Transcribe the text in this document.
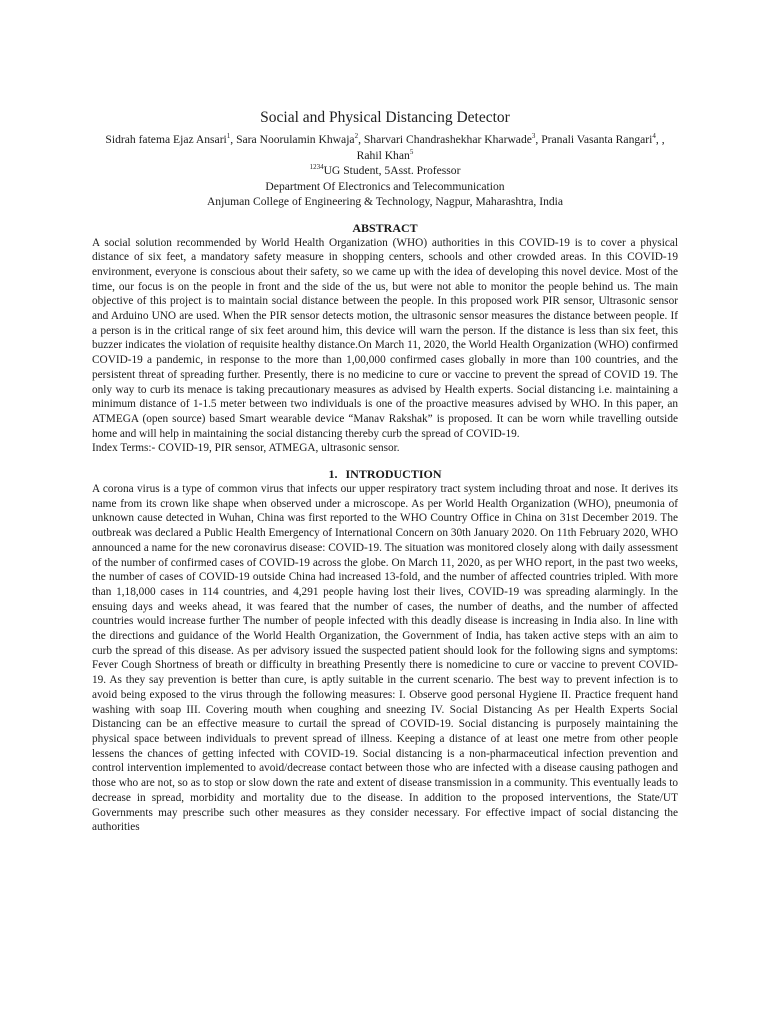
Social and Physical Distancing Detector

Sidrah fatema Ejaz Ansari$^1$, Sara Noorulamin Khwaja$^2$, Sharvari Chandrashekhar Kharwade$^3$, Pranali Vasanta Rangari$^4$, , Rahil Khan$^5$

$^{1234}$UG Student, 5Asst. Professor

Department Of Electronics and Telecommunication

Anjuman College of Engineering & Technology, Nagpur, Maharashtra, India

ABSTRACT

A social solution recommended by World Health Organization (WHO) authorities in this COVID-19 is to cover a physical distance of six feet, a mandatory safety measure in shopping centers, schools and other crowded areas. In this COVID-19 environment, everyone is conscious about their safety, so we came up with the idea of developing this novel device. Most of the time, our focus is on the people in front and the side of the us, but were not able to monitor the people behind us. The main objective of this project is to maintain social distance between the people. In this proposed work PIR sensor, Ultrasonic sensor and Arduino UNO are used. When the PIR sensor detects motion, the ultrasonic sensor measures the distance between people. If a person is in the critical range of six feet around him, this device will warn the person. If the distance is less than six feet, this buzzer indicates the violation of requisite healthy distance.On March 11, 2020, the World Health Organization (WHO) confirmed COVID-19 a pandemic, in response to the more than 1,00,000 confirmed cases globally in more than 100 countries, and the persistent threat of spreading further. Presently, there is no medicine to cure or vaccine to prevent the spread of COVID 19. The only way to curb its menace is taking precautionary measures as advised by Health experts. Social distancing i.e. maintaining a minimum distance of 1-1.5 meter between two individuals is one of the proactive measures advised by WHO. In this paper, an ATMEGA (open source) based Smart wearable device “Manav Rakshak” is proposed. It can be worn while travelling outside home and will help in maintaining the social distancing thereby curb the spread of COVID-19.

Index Terms:- COVID-19, PIR sensor, ATMEGA, ultrasonic sensor.

1. INTRODUCTION

A corona virus is a type of common virus that infects our upper respiratory tract system including throat and nose. It derives its name from its crown like shape when observed under a microscope. As per World Health Organization (WHO), pneumonia of unknown cause detected in Wuhan, China was first reported to the WHO Country Office in China on 31st December 2019. The outbreak was declared a Public Health Emergency of International Concern on 30th January 2020. On 11th February 2020, WHO announced a name for the new coronavirus disease: COVID-19. The situation was monitored closely along with daily assessment of the number of confirmed cases of COVID-19 across the globe. On March 11, 2020, as per WHO report, in the past two weeks, the number of cases of COVID-19 outside China had increased 13-fold, and the number of affected countries tripled. With more than 1,18,000 cases in 114 countries, and 4,291 people having lost their lives, COVID-19 was spreading alarmingly. In the ensuing days and weeks ahead, it was feared that the number of cases, the number of deaths, and the number of affected countries would increase further The number of people infected with this deadly disease is increasing in India also. In line with the directions and guidance of the World Health Organization, the Government of India, has taken active steps with an aim to curb the spread of this disease. As per advisory issued the suspected patient should look for the following signs and symptoms: Fever Cough Shortness of breath or difficulty in breathing Presently there is nomedicine to cure or vaccine to prevent COVID-19. As they say prevention is better than cure, is aptly suitable in the current scenario. The best way to prevent infection is to avoid being exposed to the virus through the following measures: I. Observe good personal Hygiene II. Practice frequent hand washing with soap III. Covering mouth when coughing and sneezing IV. Social Distancing As per Health Experts Social Distancing can be an effective measure to curtail the spread of COVID-19. Social distancing is purposely maintaining the physical space between individuals to prevent spread of illness. Keeping a distance of at least one metre from other people lessens the chances of getting infected with COVID-19. Social distancing is a non-pharmaceutical infection prevention and control intervention implemented to avoid/decrease contact between those who are infected with a disease causing pathogen and those who are not, so as to stop or slow down the rate and extent of disease transmission in a community. This eventually leads to decrease in spread, morbidity and mortality due to the disease. In addition to the proposed interventions, the State/UT Governments may prescribe such other measures as they consider necessary. For effective impact of social distancing the authorities
